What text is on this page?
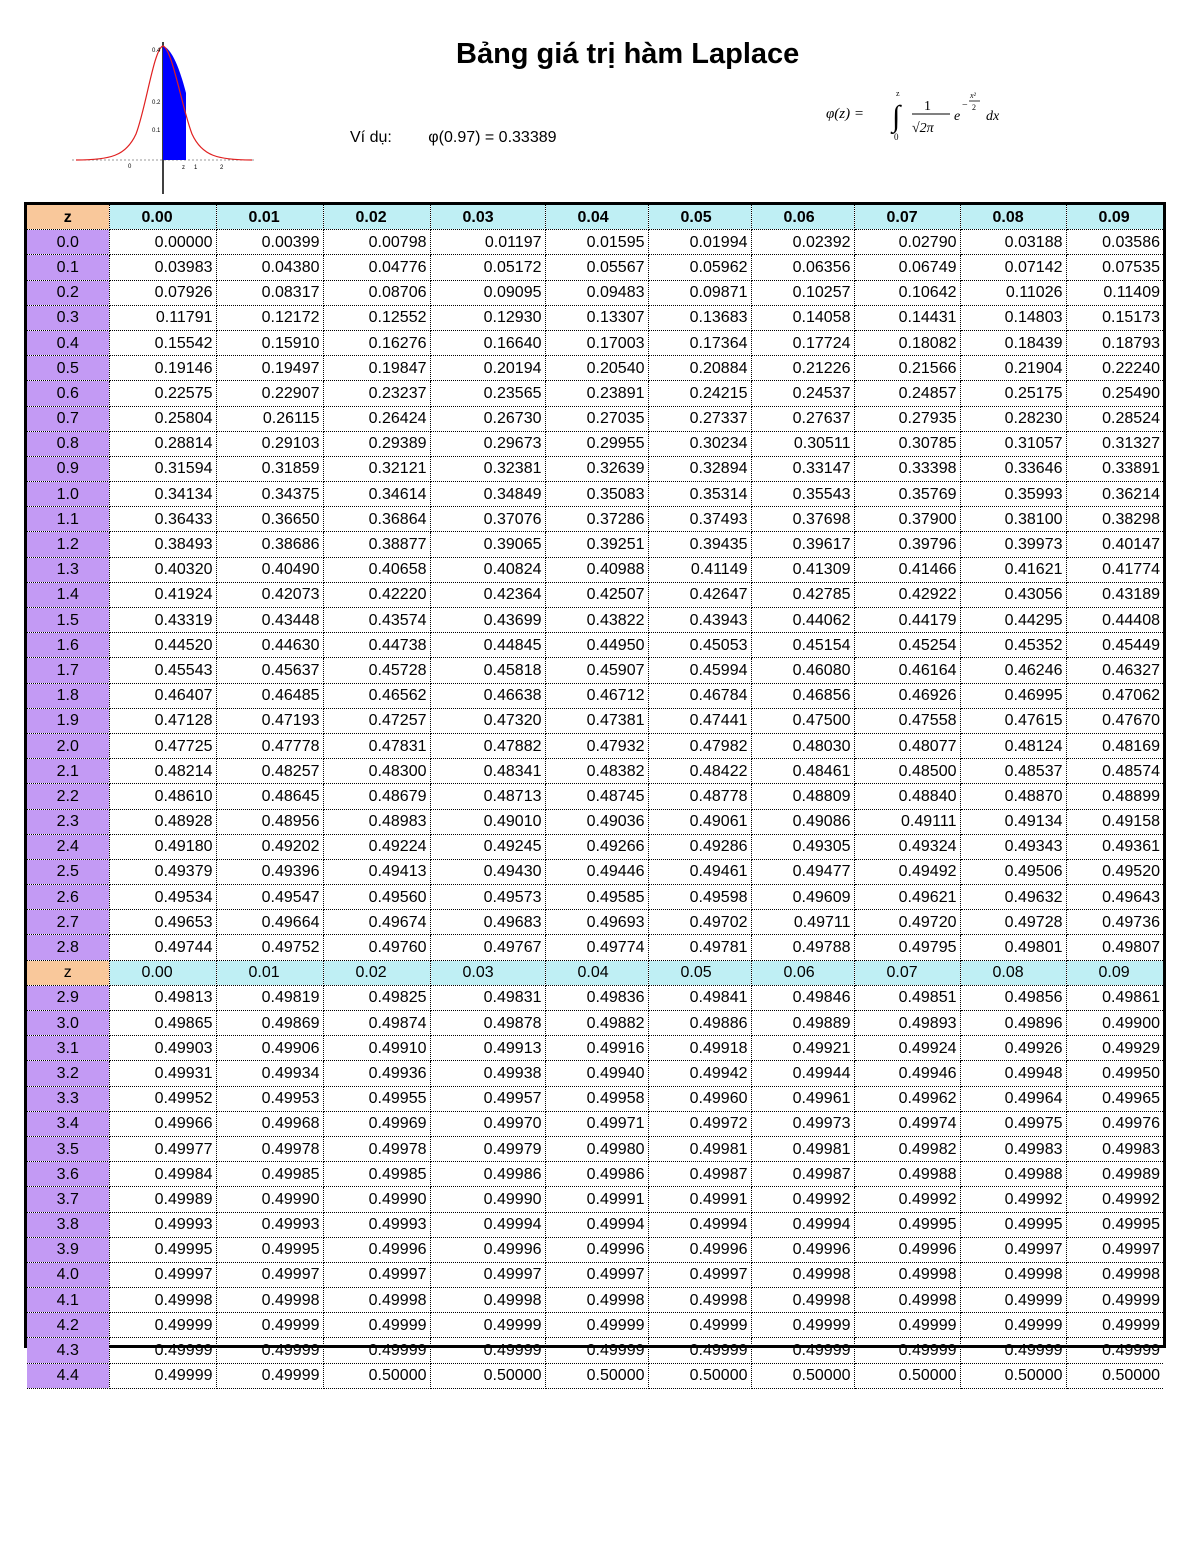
0.4
0.2
0.1
0	z 1	2
Bảng giá trị hàm Laplace
Ví dụ: φ(0.97) = 0.33389
φ(z) = ∫
z
0
1
√2π
e
−
x²
2
dx
z	0.00	0.01	0.02	0.03	0.04	0.05	0.06	0.07	0.08	0.09
0.0	0.00000	0.00399	0.00798	0.01197	0.01595	0.01994	0.02392	0.02790	0.03188	0.03586
0.1	0.03983	0.04380	0.04776	0.05172	0.05567	0.05962	0.06356	0.06749	0.07142	0.07535
0.2	0.07926	0.08317	0.08706	0.09095	0.09483	0.09871	0.10257	0.10642	0.11026	0.11409
0.3	0.11791	0.12172	0.12552	0.12930	0.13307	0.13683	0.14058	0.14431	0.14803	0.15173
0.4	0.15542	0.15910	0.16276	0.16640	0.17003	0.17364	0.17724	0.18082	0.18439	0.18793
0.5	0.19146	0.19497	0.19847	0.20194	0.20540	0.20884	0.21226	0.21566	0.21904	0.22240
0.6	0.22575	0.22907	0.23237	0.23565	0.23891	0.24215	0.24537	0.24857	0.25175	0.25490
0.7	0.25804	0.26115	0.26424	0.26730	0.27035	0.27337	0.27637	0.27935	0.28230	0.28524
0.8	0.28814	0.29103	0.29389	0.29673	0.29955	0.30234	0.30511	0.30785	0.31057	0.31327
0.9	0.31594	0.31859	0.32121	0.32381	0.32639	0.32894	0.33147	0.33398	0.33646	0.33891
1.0	0.34134	0.34375	0.34614	0.34849	0.35083	0.35314	0.35543	0.35769	0.35993	0.36214
1.1	0.36433	0.36650	0.36864	0.37076	0.37286	0.37493	0.37698	0.37900	0.38100	0.38298
1.2	0.38493	0.38686	0.38877	0.39065	0.39251	0.39435	0.39617	0.39796	0.39973	0.40147
1.3	0.40320	0.40490	0.40658	0.40824	0.40988	0.41149	0.41309	0.41466	0.41621	0.41774
1.4	0.41924	0.42073	0.42220	0.42364	0.42507	0.42647	0.42785	0.42922	0.43056	0.43189
1.5	0.43319	0.43448	0.43574	0.43699	0.43822	0.43943	0.44062	0.44179	0.44295	0.44408
1.6	0.44520	0.44630	0.44738	0.44845	0.44950	0.45053	0.45154	0.45254	0.45352	0.45449
1.7	0.45543	0.45637	0.45728	0.45818	0.45907	0.45994	0.46080	0.46164	0.46246	0.46327
1.8	0.46407	0.46485	0.46562	0.46638	0.46712	0.46784	0.46856	0.46926	0.46995	0.47062
1.9	0.47128	0.47193	0.47257	0.47320	0.47381	0.47441	0.47500	0.47558	0.47615	0.47670
2.0	0.47725	0.47778	0.47831	0.47882	0.47932	0.47982	0.48030	0.48077	0.48124	0.48169
2.1	0.48214	0.48257	0.48300	0.48341	0.48382	0.48422	0.48461	0.48500	0.48537	0.48574
2.2	0.48610	0.48645	0.48679	0.48713	0.48745	0.48778	0.48809	0.48840	0.48870	0.48899
2.3	0.48928	0.48956	0.48983	0.49010	0.49036	0.49061	0.49086	0.49111	0.49134	0.49158
2.4	0.49180	0.49202	0.49224	0.49245	0.49266	0.49286	0.49305	0.49324	0.49343	0.49361
2.5	0.49379	0.49396	0.49413	0.49430	0.49446	0.49461	0.49477	0.49492	0.49506	0.49520
2.6	0.49534	0.49547	0.49560	0.49573	0.49585	0.49598	0.49609	0.49621	0.49632	0.49643
2.7	0.49653	0.49664	0.49674	0.49683	0.49693	0.49702	0.49711	0.49720	0.49728	0.49736
2.8	0.49744	0.49752	0.49760	0.49767	0.49774	0.49781	0.49788	0.49795	0.49801	0.49807
z	0.00	0.01	0.02	0.03	0.04	0.05	0.06	0.07	0.08	0.09
2.9	0.49813	0.49819	0.49825	0.49831	0.49836	0.49841	0.49846	0.49851	0.49856	0.49861
3.0	0.49865	0.49869	0.49874	0.49878	0.49882	0.49886	0.49889	0.49893	0.49896	0.49900
3.1	0.49903	0.49906	0.49910	0.49913	0.49916	0.49918	0.49921	0.49924	0.49926	0.49929
3.2	0.49931	0.49934	0.49936	0.49938	0.49940	0.49942	0.49944	0.49946	0.49948	0.49950
3.3	0.49952	0.49953	0.49955	0.49957	0.49958	0.49960	0.49961	0.49962	0.49964	0.49965
3.4	0.49966	0.49968	0.49969	0.49970	0.49971	0.49972	0.49973	0.49974	0.49975	0.49976
3.5	0.49977	0.49978	0.49978	0.49979	0.49980	0.49981	0.49981	0.49982	0.49983	0.49983
3.6	0.49984	0.49985	0.49985	0.49986	0.49986	0.49987	0.49987	0.49988	0.49988	0.49989
3.7	0.49989	0.49990	0.49990	0.49990	0.49991	0.49991	0.49992	0.49992	0.49992	0.49992
3.8	0.49993	0.49993	0.49993	0.49994	0.49994	0.49994	0.49994	0.49995	0.49995	0.49995
3.9	0.49995	0.49995	0.49996	0.49996	0.49996	0.49996	0.49996	0.49996	0.49997	0.49997
4.0	0.49997	0.49997	0.49997	0.49997	0.49997	0.49997	0.49998	0.49998	0.49998	0.49998
4.1	0.49998	0.49998	0.49998	0.49998	0.49998	0.49998	0.49998	0.49998	0.49999	0.49999
4.2	0.49999	0.49999	0.49999	0.49999	0.49999	0.49999	0.49999	0.49999	0.49999	0.49999
4.3	0.49999	0.49999	0.49999	0.49999	0.49999	0.49999	0.49999	0.49999	0.49999	0.49999
4.4	0.49999	0.49999	0.50000	0.50000	0.50000	0.50000	0.50000	0.50000	0.50000	0.50000
